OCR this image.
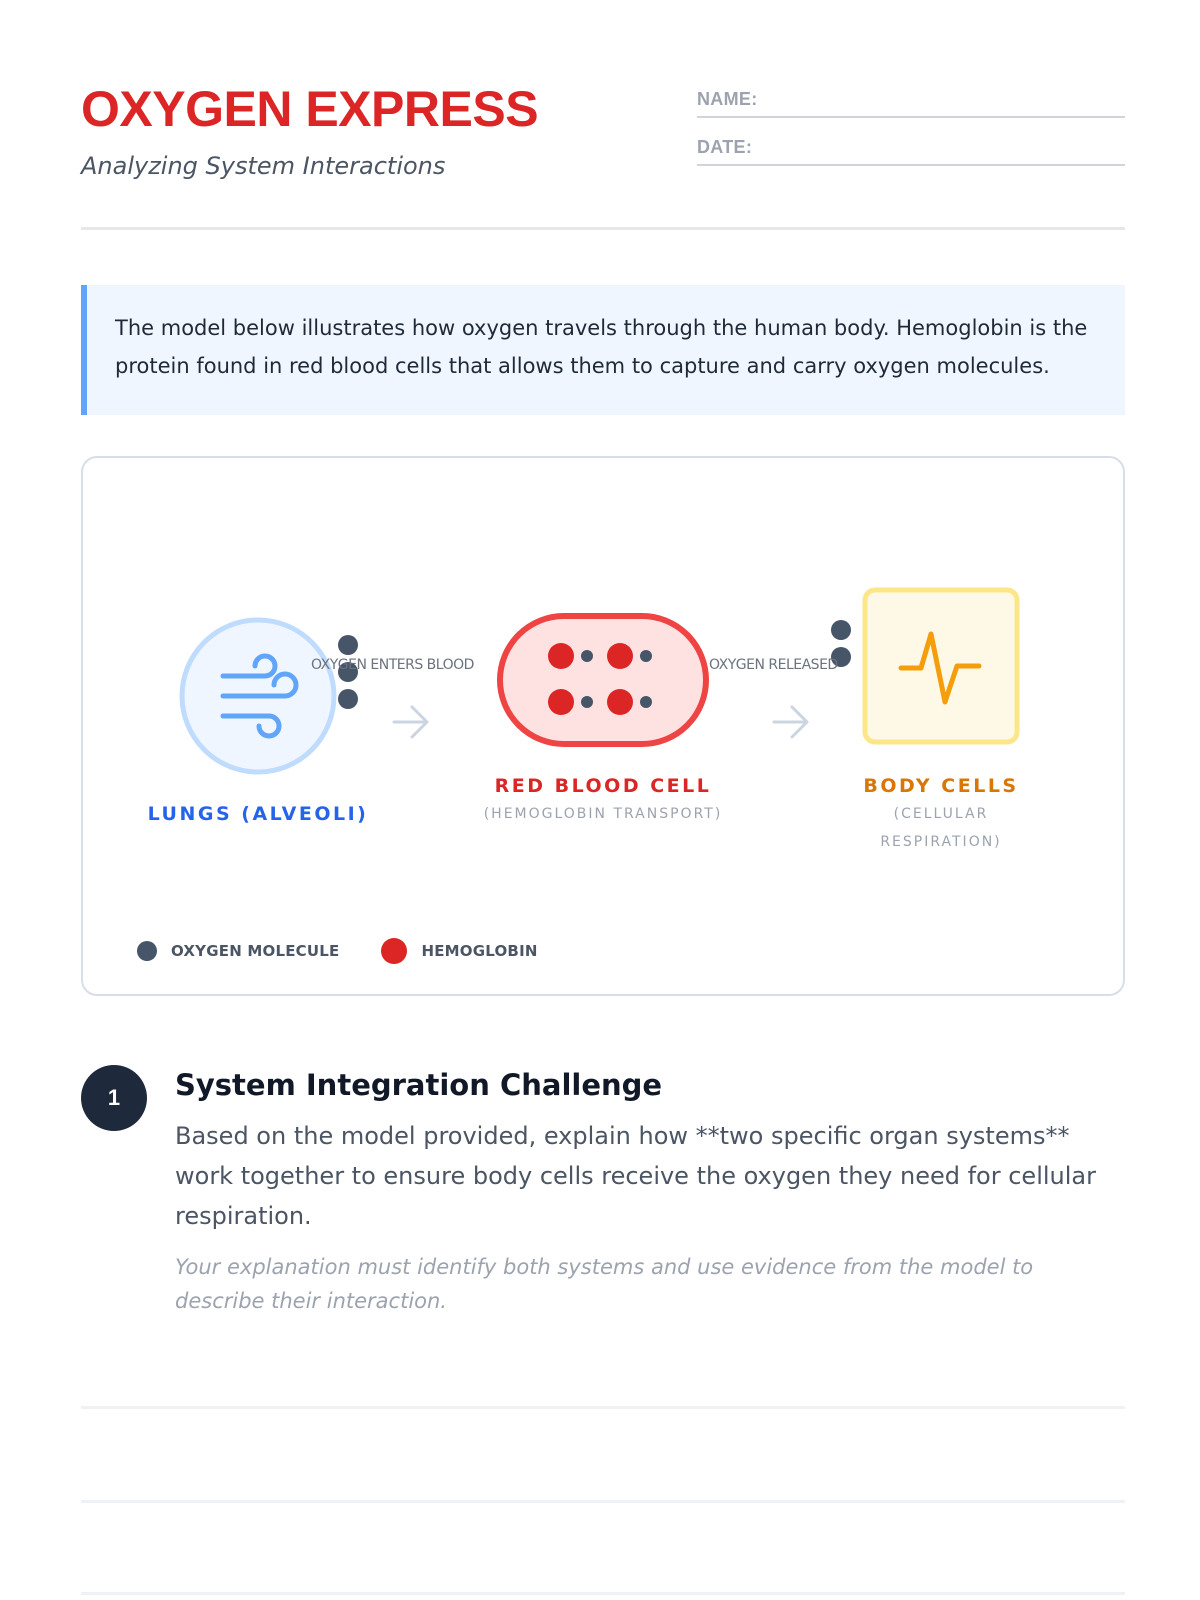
OXYGEN EXPRESS
Analyzing System Interactions
NAME:
DATE:

The model below illustrates how oxygen travels through the human body. Hemoglobin is the protein found in red blood cells that allows them to capture and carry oxygen molecules.

OXYGEN ENTERS BLOOD	OXYGEN RELEASED
LUNGS (ALVEOLI)
RED BLOOD CELL
(HEMOGLOBIN TRANSPORT)
BODY CELLS
(CELLULAR
RESPIRATION)
OXYGEN MOLECULE	HEMOGLOBIN
1	System Integration Challenge
Based on the model provided, explain how **two specific organ systems** work together to ensure body cells receive the oxygen they need for cellular respiration.
Your explanation must identify both systems and use evidence from the model to describe their interaction.
